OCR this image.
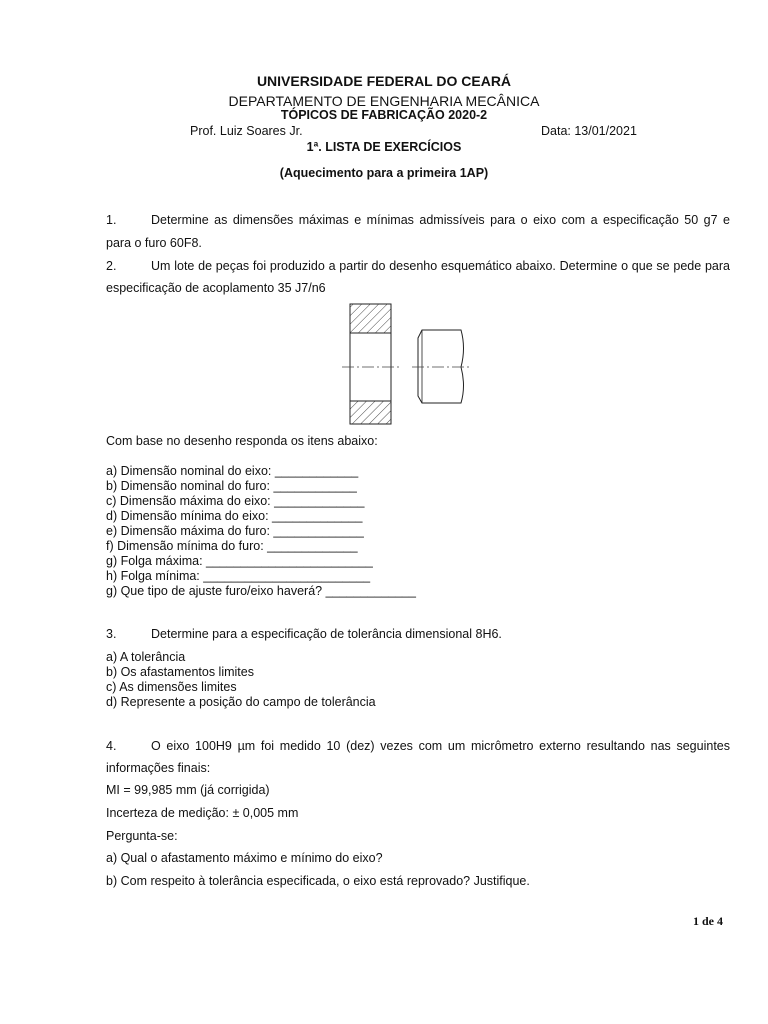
UNIVERSIDADE FEDERAL DO CEARÁ
DEPARTAMENTO DE ENGENHARIA MECÂNICA
TÓPICOS DE FABRICAÇÃO 2020-2
Prof. Luiz Soares Jr.	Data: 13/01/2021
1ª. LISTA DE EXERCÍCIOS
(Aquecimento para a primeira 1AP)
1.	Determine as dimensões máximas e mínimas admissíveis para o eixo com a especificação 50 g7 e
para o furo 60F8.
2.	Um lote de peças foi produzido a partir do desenho esquemático abaixo. Determine o que se pede para
especificação de acoplamento 35 J7/n6
Com base no desenho responda os itens abaixo:
a) Dimensão nominal do eixo: ____________
b) Dimensão nominal do furo: ____________
c) Dimensão máxima do eixo: _____________
d) Dimensão mínima do eixo: _____________
e) Dimensão máxima do furo: _____________
f) Dimensão mínima do furo: _____________
g) Folga máxima: ________________________
h) Folga mínima: ________________________
g) Que tipo de ajuste furo/eixo haverá? _____________
3.	Determine para a especificação de tolerância dimensional 8H6.
a) A tolerância
b) Os afastamentos limites
c) As dimensões limites
d) Represente a posição do campo de tolerância
4.	O eixo 100H9 µm foi medido 10 (dez) vezes com um micrômetro externo resultando nas seguintes
informações finais:
MI = 99,985 mm (já corrigida)
Incerteza de medição: ± 0,005 mm
Pergunta-se:
a) Qual o afastamento máximo e mínimo do eixo?
b) Com respeito à tolerância especificada, o eixo está reprovado? Justifique.
1 de 4
